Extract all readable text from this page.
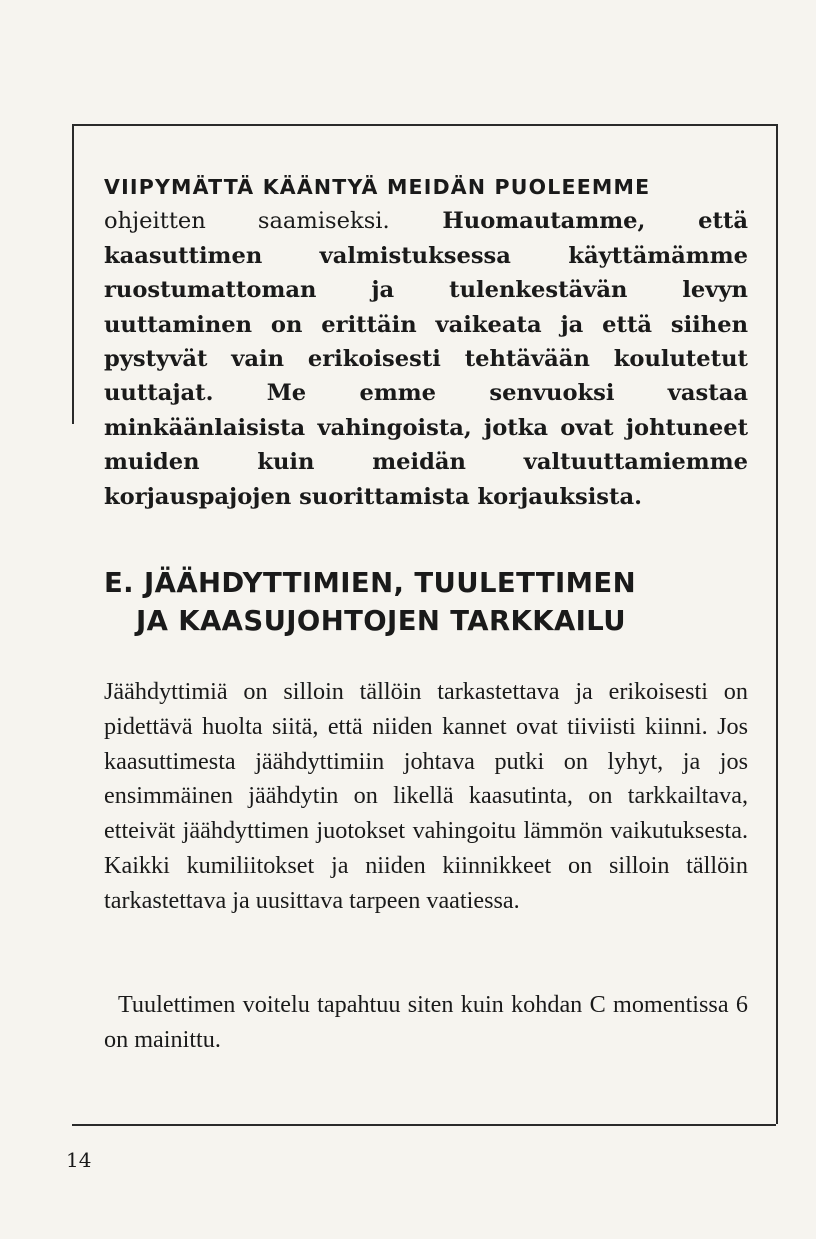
VIIPYMÄTTÄ KÄÄNTYÄ MEIDÄN PUOLEEMME
ohjeitten saamiseksi. Huomautamme, että kaasuttimen valmistuksessa käyttämämme ruostumattoman ja tulenkestävän levyn uuttaminen on erittäin vaikeata ja että siihen pystyvät vain erikoisesti tehtävään koulutetut uuttajat. Me emme senvuoksi vastaa minkäänlaisista vahingoista, jotka ovat johtuneet muiden kuin meidän valtuuttamiemme korjauspajojen suorittamista korjauksista.

E. JÄÄHDYTTIMIEN, TUULETTIMEN
JA KAASUJOHTOJEN TARKKAILU

Jäähdyttimiä on silloin tällöin tarkastettava ja erikoisesti on pidettävä huolta siitä, että niiden kannet ovat tiiviisti kiinni. Jos kaasuttimesta jäähdyttimiin johtava putki on lyhyt, ja jos ensimmäinen jäähdytin on likellä kaasutinta, on tarkkailtava, etteivät jäähdyttimen juotokset vahingoitu lämmön vaikutuksesta. Kaikki kumiliitokset ja niiden kiinnikkeet on silloin tällöin tarkastettava ja uusittava tarpeen vaatiessa.

Tuulettimen voitelu tapahtuu siten kuin kohdan C momentissa 6 on mainittu.

14
